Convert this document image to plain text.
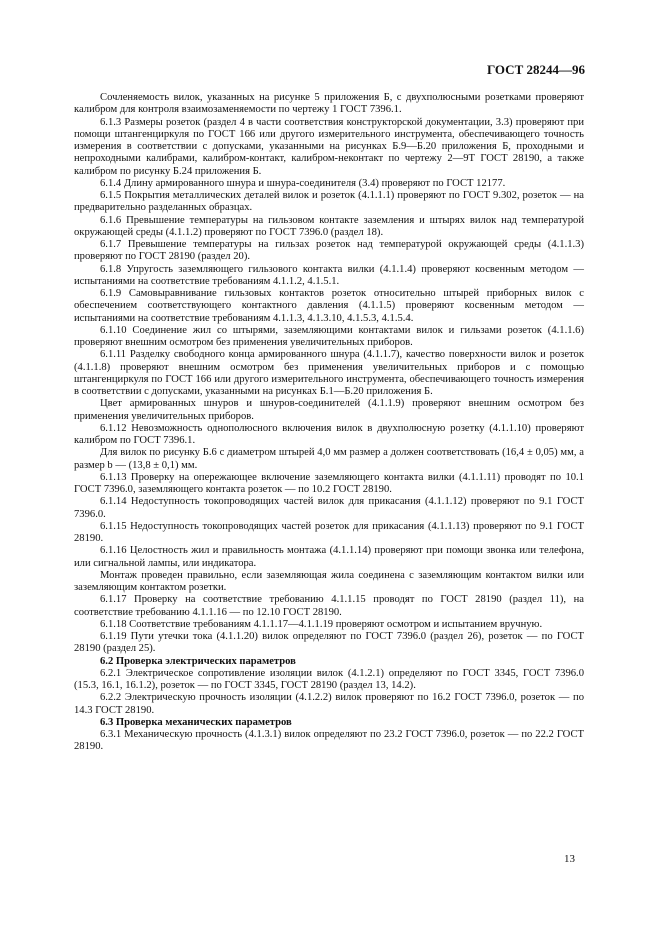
ГОСТ 28244—96

Сочленяемость вилок, указанных на рисунке 5 приложения Б, с двухполюсными розетками проверяют калибром для контроля взаимозаменяемости по чертежу 1 ГОСТ 7396.1.

6.1.3 Размеры розеток (раздел 4 в части соответствия конструкторской документации, 3.3) проверяют при помощи штангенциркуля по ГОСТ 166 или другого измерительного инструмента, обеспечивающего точность измерения в соответствии с допусками, указанными на рисунках Б.9—Б.20 приложения Б, проходными и непроходными калибрами, калибром-контакт, калибром-неконтакт по чертежу 2—9Т ГОСТ 28190, а также калибром по рисунку Б.24 приложения Б.

6.1.4 Длину армированного шнура и шнура-соединителя (3.4) проверяют по ГОСТ 12177.

6.1.5 Покрытия металлических деталей вилок и розеток (4.1.1.1) проверяют по ГОСТ 9.302, розеток — на предварительно разделанных образцах.

6.1.6 Превышение температуры на гильзовом контакте заземления и штырях вилок над температурой окружающей среды (4.1.1.2) проверяют по ГОСТ 7396.0 (раздел 18).

6.1.7 Превышение температуры на гильзах розеток над температурой окружающей среды (4.1.1.3) проверяют по ГОСТ 28190 (раздел 20).

6.1.8 Упругость заземляющего гильзового контакта вилки (4.1.1.4) проверяют косвенным методом — испытаниями на соответствие требованиям 4.1.1.2, 4.1.5.1.

6.1.9 Самовыравнивание гильзовых контактов розеток относительно штырей приборных вилок с обеспечением соответствующего контактного давления (4.1.1.5) проверяют косвенным методом — испытаниями на соответствие требованиям 4.1.1.3, 4.1.3.10, 4.1.5.3, 4.1.5.4.

6.1.10 Соединение жил со штырями, заземляющими контактами вилок и гильзами розеток (4.1.1.6) проверяют внешним осмотром без применения увеличительных приборов.

6.1.11 Разделку свободного конца армированного шнура (4.1.1.7), качество поверхности вилок и розеток (4.1.1.8) проверяют внешним осмотром без применения увеличительных приборов и с помощью штангенциркуля по ГОСТ 166 или другого измерительного инструмента, обеспечивающего точность измерения в соответствии с допусками, указанными на рисунках Б.1—Б.20 приложения Б.

Цвет армированных шнуров и шнуров-соединителей (4.1.1.9) проверяют внешним осмотром без применения увеличительных приборов.

6.1.12 Невозможность однополюсного включения вилок в двухполюсную розетку (4.1.1.10) проверяют калибром по ГОСТ 7396.1.

Для вилок по рисунку Б.6 с диаметром штырей 4,0 мм размер a должен соответствовать (16,4 ± 0,05) мм, а размер b — (13,8 ± 0,1) мм.

6.1.13 Проверку на опережающее включение заземляющего контакта вилки (4.1.1.11) проводят по 10.1 ГОСТ 7396.0, заземляющего контакта розеток — по 10.2 ГОСТ 28190.

6.1.14 Недоступность токопроводящих частей вилок для прикасания (4.1.1.12) проверяют по 9.1 ГОСТ 7396.0.

6.1.15 Недоступность токопроводящих частей розеток для прикасания (4.1.1.13) проверяют по 9.1 ГОСТ 28190.

6.1.16 Целостность жил и правильность монтажа (4.1.1.14) проверяют при помощи звонка или телефона, или сигнальной лампы, или индикатора.

Монтаж проведен правильно, если заземляющая жила соединена с заземляющим контактом вилки или заземляющим контактом розетки.

6.1.17 Проверку на соответствие требованию 4.1.1.15 проводят по ГОСТ 28190 (раздел 11), на соответствие требованию 4.1.1.16 — по 12.10 ГОСТ 28190.

6.1.18 Соответствие требованиям 4.1.1.17—4.1.1.19 проверяют осмотром и испытанием вручную.

6.1.19 Пути утечки тока (4.1.1.20) вилок определяют по ГОСТ 7396.0 (раздел 26), розеток — по ГОСТ 28190 (раздел 25).

6.2 Проверка электрических параметров

6.2.1 Электрическое сопротивление изоляции вилок (4.1.2.1) определяют по ГОСТ 3345, ГОСТ 7396.0 (15.3, 16.1, 16.1.2), розеток — по ГОСТ 3345, ГОСТ 28190 (раздел 13, 14.2).

6.2.2 Электрическую прочность изоляции (4.1.2.2) вилок проверяют по 16.2 ГОСТ 7396.0, розеток — по 14.3 ГОСТ 28190.

6.3 Проверка механических параметров

6.3.1 Механическую прочность (4.1.3.1) вилок определяют по 23.2 ГОСТ 7396.0, розеток — по 22.2 ГОСТ 28190.

13
